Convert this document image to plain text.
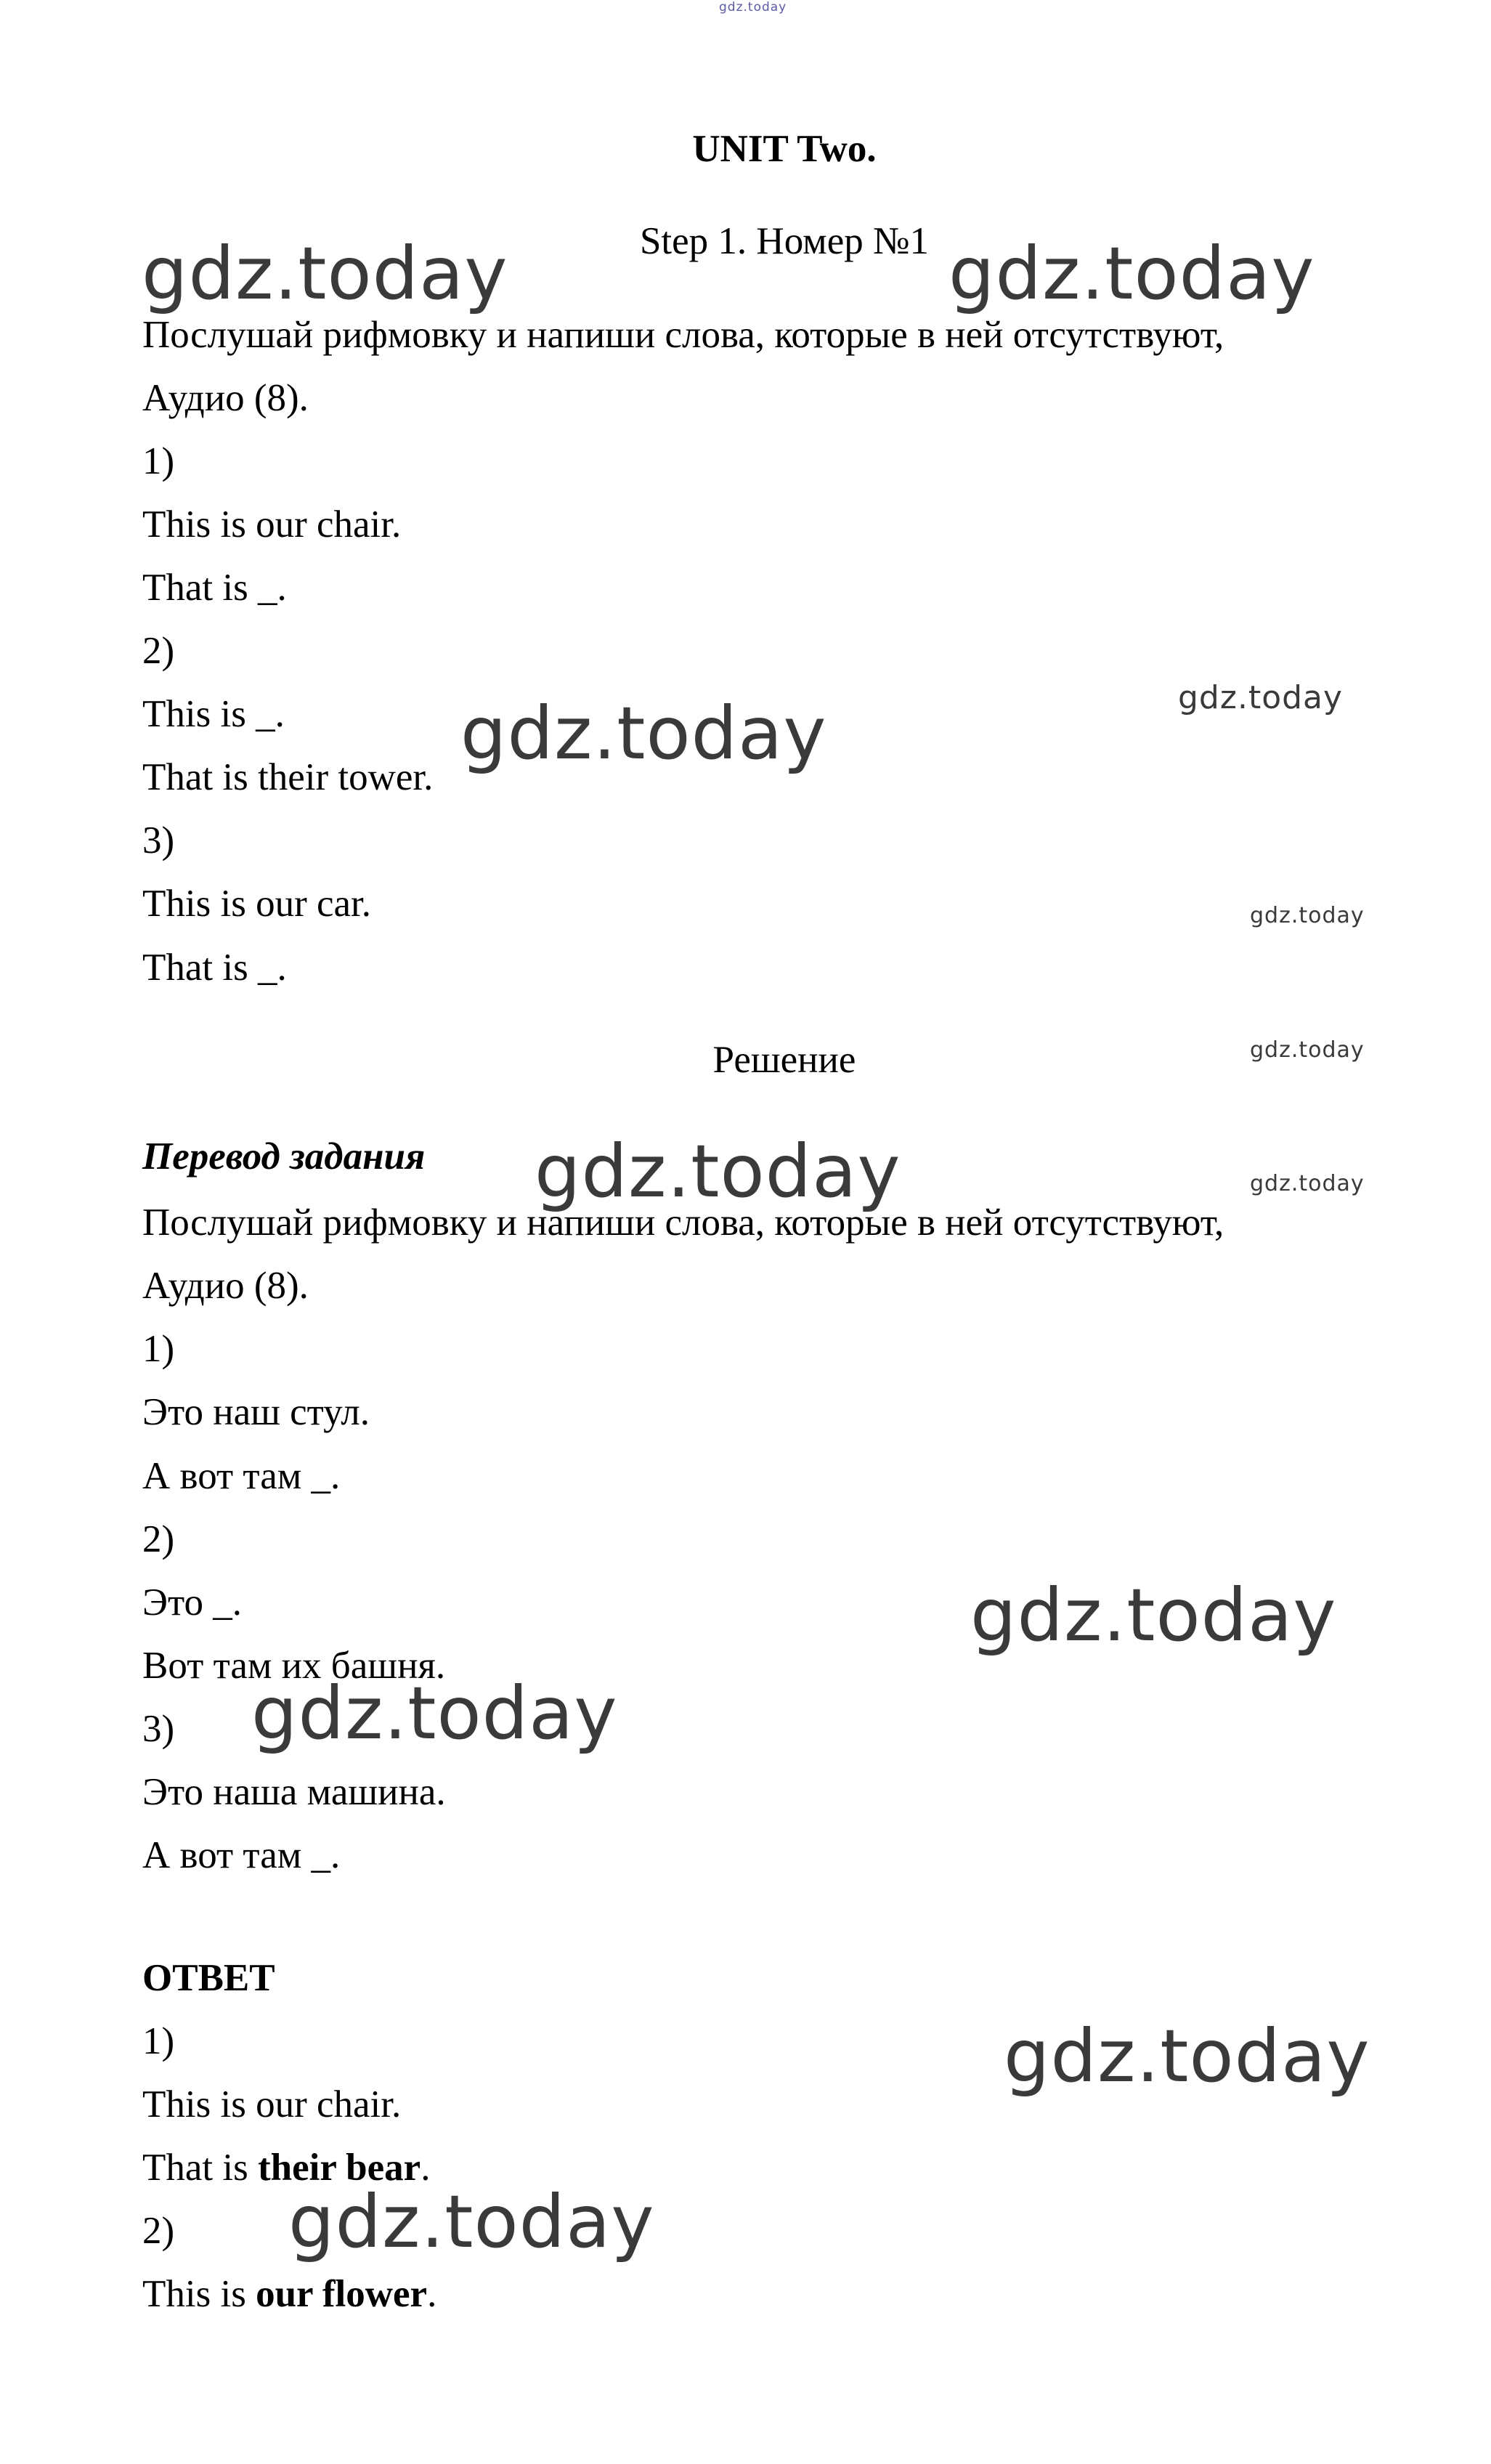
gdz.today
UNIT Two.
Step 1. Номер №1
Послушай рифмовку и напиши слова, которые в ней отсутствуют,
Аудио (8).
1)
This is our chair.
That is _.
2)
This is _.
That is their tower.
3)
This is our car.
That is _.
Решение
Перевод задания
Послушай рифмовку и напиши слова, которые в ней отсутствуют,
Аудио (8).
1)
Это наш стул.
А вот там _.
2)
Это _.
Вот там их башня.
3)
Это наша машина.
А вот там _.
ОТВЕТ
1)
This is our chair.
That is their bear.
2)
This is our flower.
gdz.today	gdz.today
gdz.today
gdz.today
gdz.today
gdz.today
gdz.today	gdz.today
gdz.today
gdz.today
gdz.today
gdz.today
